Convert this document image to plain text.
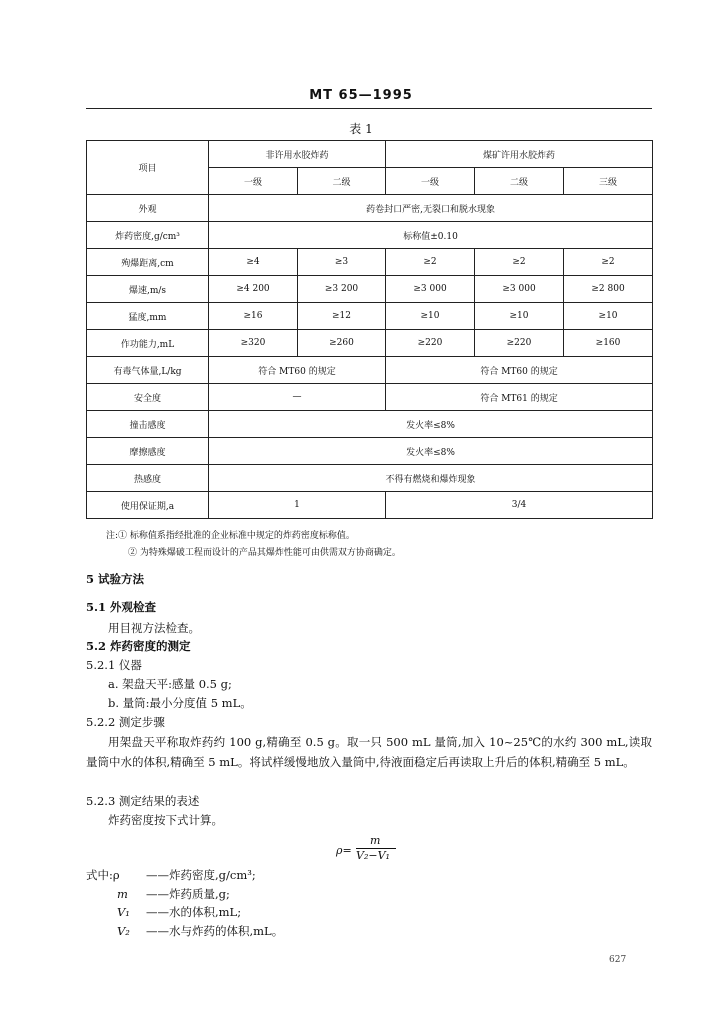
MT 65—1995
表 1
项目	非许用水胶炸药		煤矿许用水胶炸药		
	一级	二级	一级	二级	三级
外观	药卷封口严密,无裂口和脱水现象				
炸药密度,g/cm³	标称值±0.10				
殉爆距离,cm	≥4	≥3	≥2	≥2	≥2
爆速,m/s	≥4 200	≥3 200	≥3 000	≥3 000	≥2 800
猛度,mm	≥16	≥12	≥10	≥10	≥10
作功能力,mL	≥320	≥260	≥220	≥220	≥160
有毒气体量,L/kg	符合 MT60 的规定		符合 MT60 的规定		
安全度	—		符合 MT61 的规定		
撞击感度	发火率≤8%				
摩擦感度	发火率≤8%				
热感度	不得有燃烧和爆炸现象				
使用保证期,a	1		3/4		
注:① 标称值系指经批准的企业标准中规定的炸药密度标称值。
② 为特殊爆破工程而设计的产品其爆炸性能可由供需双方协商确定。
5 试验方法
5.1 外观检查
用目视方法检查。
5.2 炸药密度的测定
5.2.1 仪器
a. 架盘天平:感量 0.5 g;
b. 量筒:最小分度值 5 mL。
5.2.2 测定步骤
用架盘天平称取炸药约 100 g,精确至 0.5 g。取一只 500 mL 量筒,加入 10~25℃的水约 300 mL,读取量筒中水的体积,精确至 5 mL。将试样缓慢地放入量筒中,待液面稳定后再读取上升后的体积,精确至 5 mL。
5.2.3 测定结果的表述
炸药密度按下式计算。
ρ=
m
V₂−V₁
式中:ρ ——炸药密度,g/cm³;
m ——炸药质量,g;
V₁ ——水的体积,mL;
V₂ ——水与炸药的体积,mL。
627
